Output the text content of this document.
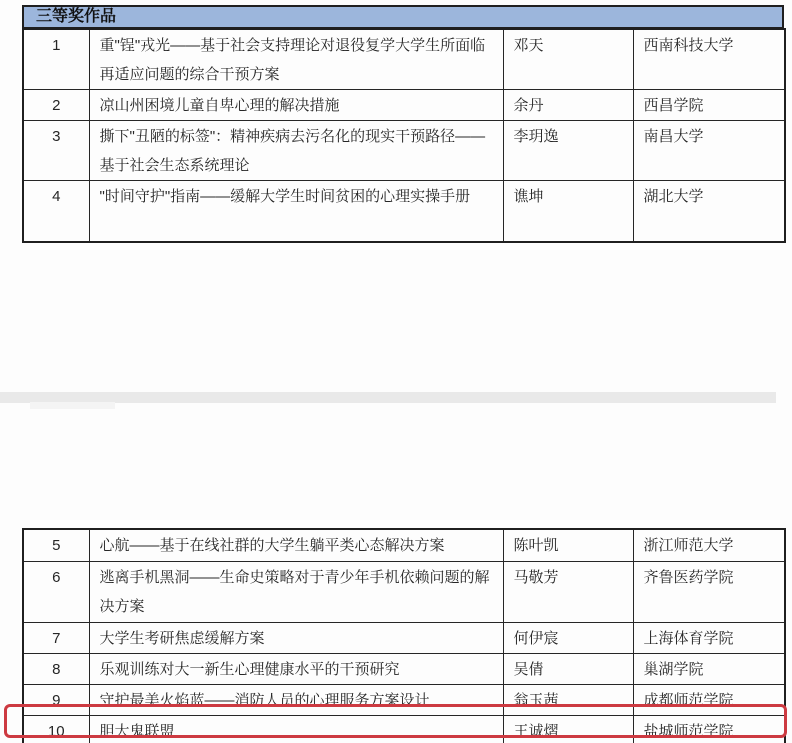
三等奖作品
1	重"锃"戎光——基于社会支持理论对退役复学大学生所面临再适应问题的综合干预方案	邓天	西南科技大学
2	凉山州困境儿童自卑心理的解决措施	余丹	西昌学院
3	撕下"丑陋的标签"：精神疾病去污名化的现实干预路径——基于社会生态系统理论	李玥逸	南昌大学
4	"时间守护"指南——缓解大学生时间贫困的心理实操手册	谯坤	湖北大学
5	心航——基于在线社群的大学生躺平类心态解决方案	陈叶凯	浙江师范大学
6	逃离手机黑洞——生命史策略对于青少年手机依赖问题的解决方案	马敬芳	齐鲁医药学院
7	大学生考研焦虑缓解方案	何伊宸	上海体育学院
8	乐观训练对大一新生心理健康水平的干预研究	吴倩	巢湖学院
9	守护最美火焰蓝——消防人员的心理服务方案设计	翁玉茜	成都师范学院
10	胆大鬼联盟	王诚熠	盐城师范学院
